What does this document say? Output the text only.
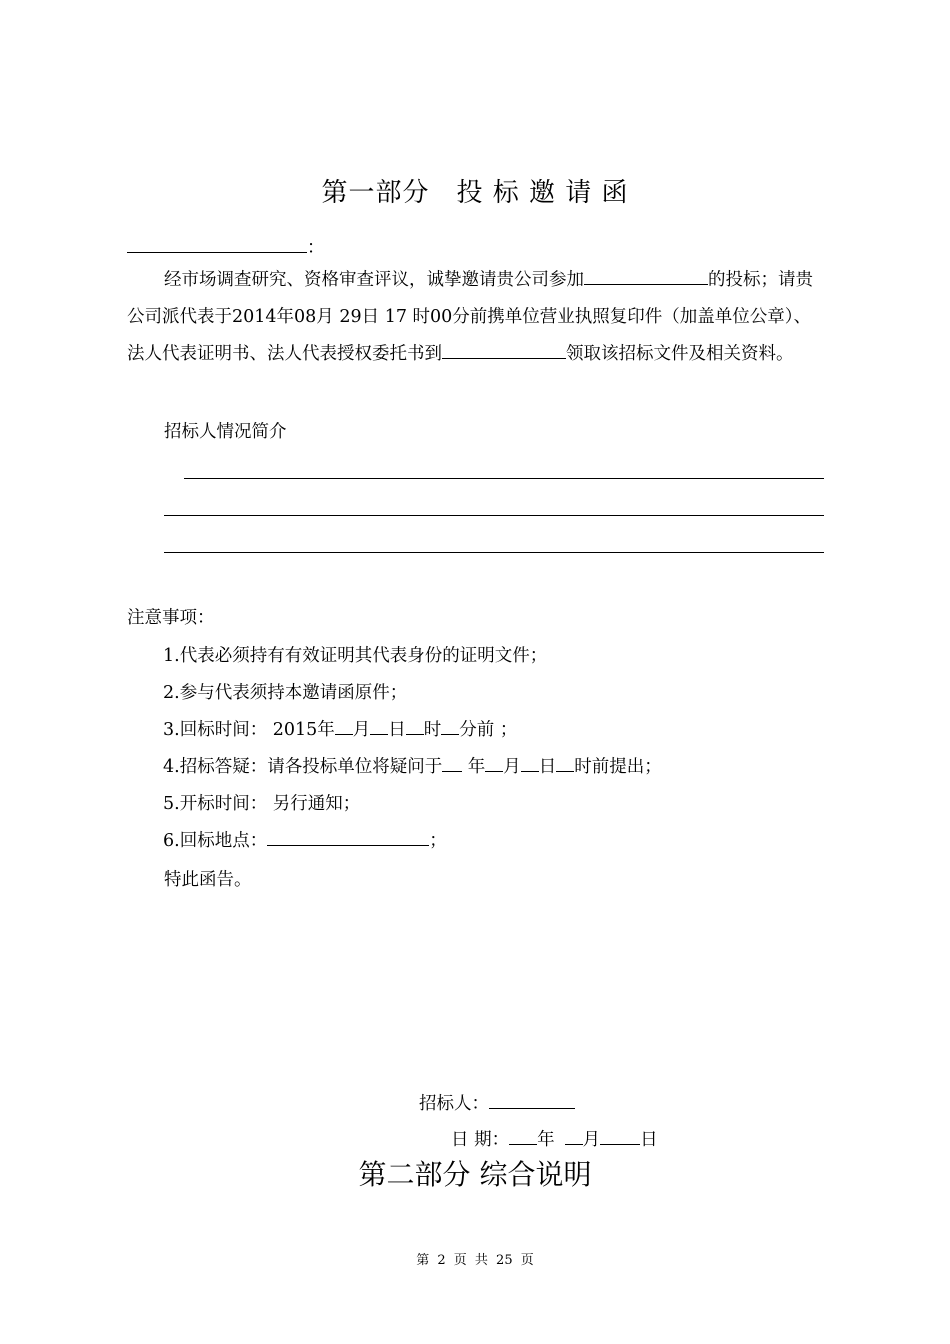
第一部分　投 标 邀 请 函
：
经市场调查研究、资格审查评议，诚挚邀请贵公司参加	的投标；请贵公司派代表于2014年08月 29日 17 时00分前携单位营业执照复印件（加盖单位公章）、法人代表证明书、法人代表授权委托书到	领取该招标文件及相关资料。
招标人情况简介
注意事项：
1.代表必须持有有效证明其代表身份的证明文件；
2.参与代表须持本邀请函原件；
3.回标时间： 2015年 月 日 时 分前 ；
4.招标答疑：请各投标单位将疑问于 年 月 日 时前提出；
5.开标时间： 另行通知；
6.回标地点：	；
特此函告。
招标人：
日 期： 年 月 日
第二部分 综合说明
第 2 页 共 25 页
